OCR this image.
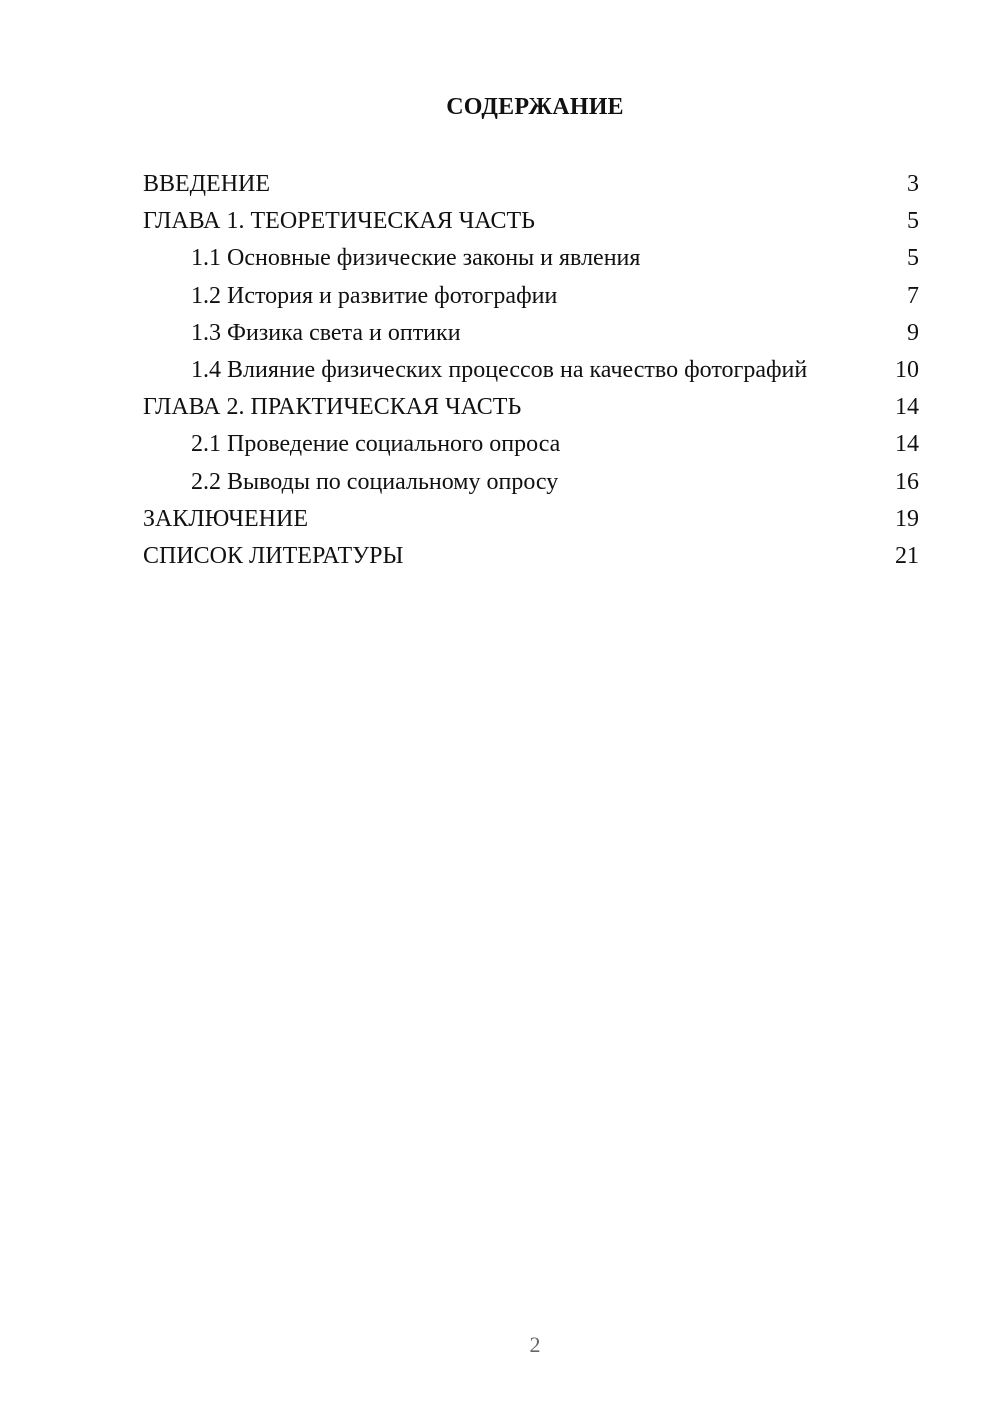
СОДЕРЖАНИЕ
ВВЕДЕНИЕ	3
ГЛАВА 1. ТЕОРЕТИЧЕСКАЯ ЧАСТЬ	5
1.1 Основные физические законы и явления	5
1.2 История и развитие фотографии	7
1.3 Физика света и оптики	9
1.4 Влияние физических процессов на качество фотографий	10
ГЛАВА 2. ПРАКТИЧЕСКАЯ ЧАСТЬ	14
2.1 Проведение социального опроса	14
2.2 Выводы по социальному опросу	16
ЗАКЛЮЧЕНИЕ	19
СПИСОК ЛИТЕРАТУРЫ	21
2
